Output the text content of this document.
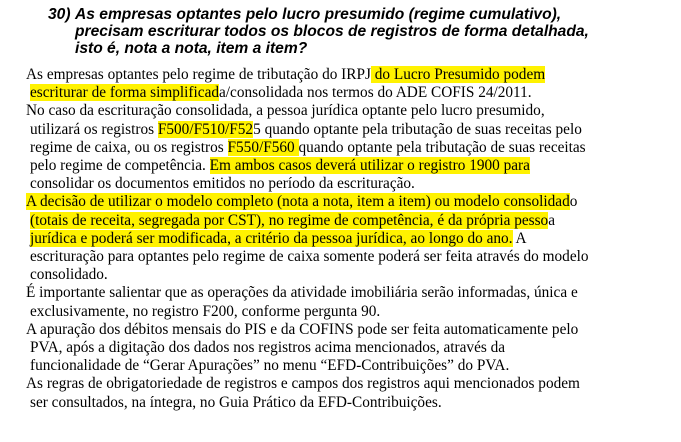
30) As empresas optantes pelo lucro presumido (regime cumulativo),
precisam escriturar todos os blocos de registros de forma detalhada,
isto é, nota a nota, item a item?
As empresas optantes pelo regime de tributação do IRPJ do Lucro Presumido podem
escriturar de forma simplificada/consolidada nos termos do ADE COFIS 24/2011.
No caso da escrituração consolidada, a pessoa jurídica optante pelo lucro presumido,
utilizará os registros F500/F510/F525 quando optante pela tributação de suas receitas pelo
regime de caixa, ou os registros F550/F560 quando optante pela tributação de suas receitas
pelo regime de competência. Em ambos casos deverá utilizar o registro 1900 para
consolidar os documentos emitidos no período da escrituração.
A decisão de utilizar o modelo completo (nota a nota, item a item) ou modelo consolidado
(totais de receita, segregada por CST), no regime de competência, é da própria pessoa
jurídica e poderá ser modificada, a critério da pessoa jurídica, ao longo do ano. A
escrituração para optantes pelo regime de caixa somente poderá ser feita através do modelo
consolidado.
É importante salientar que as operações da atividade imobiliária serão informadas, única e
exclusivamente, no registro F200, conforme pergunta 90.
A apuração dos débitos mensais do PIS e da COFINS pode ser feita automaticamente pelo
PVA, após a digitação dos dados nos registros acima mencionados, através da
funcionalidade de “Gerar Apurações” no menu “EFD-Contribuições” do PVA.
As regras de obrigatoriedade de registros e campos dos registros aqui mencionados podem
ser consultados, na íntegra, no Guia Prático da EFD-Contribuições.
